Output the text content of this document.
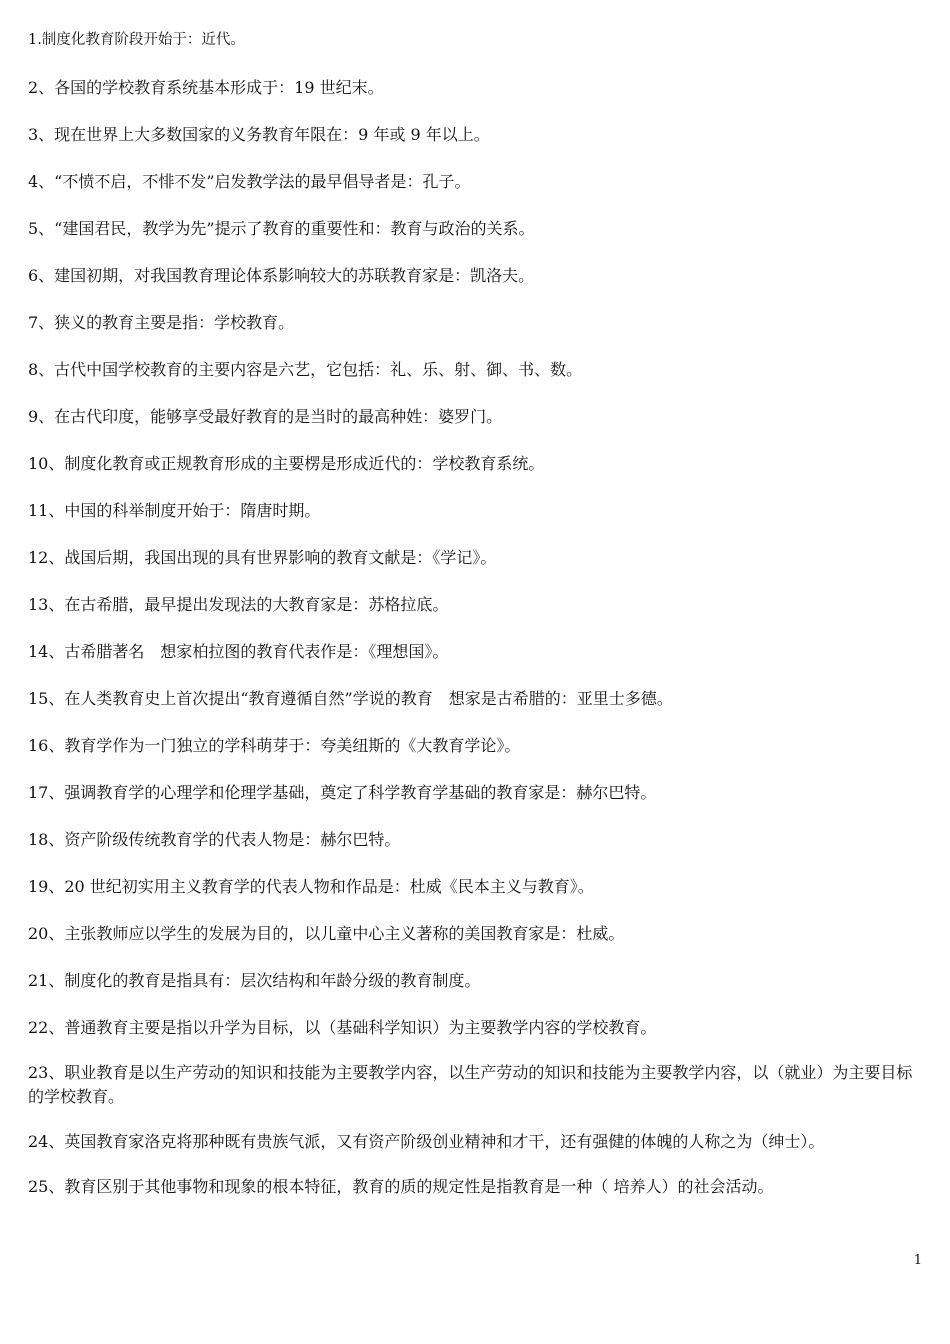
1.制度化教育阶段开始于：近代。

2、各国的学校教育系统基本形成于：19 世纪末。

3、现在世界上大多数国家的义务教育年限在：9 年或 9 年以上。

4、“不愤不启，不悱不发”启发教学法的最早倡导者是：孔子。

5、“建国君民，教学为先”提示了教育的重要性和：教育与政治的关系。

6、建国初期，对我国教育理论体系影响较大的苏联教育家是：凯洛夫。

7、狭义的教育主要是指：学校教育。

8、古代中国学校教育的主要内容是六艺，它包括：礼、乐、射、御、书、数。

9、在古代印度，能够享受最好教育的是当时的最高种姓：婆罗门。

10、制度化教育或正规教育形成的主要楞是形成近代的：学校教育系统。

11、中国的科举制度开始于：隋唐时期。

12、战国后期，我国出现的具有世界影响的教育文献是：《学记》。

13、在古希腊，最早提出发现法的大教育家是：苏格拉底。

14、古希腊著名　想家柏拉图的教育代表作是：《理想国》。

15、在人类教育史上首次提出“教育遵循自然”学说的教育　想家是古希腊的：亚里士多德。

16、教育学作为一门独立的学科萌芽于：夸美纽斯的《大教育学论》。

17、强调教育学的心理学和伦理学基础，奠定了科学教育学基础的教育家是：赫尔巴特。

18、资产阶级传统教育学的代表人物是：赫尔巴特。

19、20 世纪初实用主义教育学的代表人物和作品是：杜威《民本主义与教育》。

20、主张教师应以学生的发展为目的，以儿童中心主义著称的美国教育家是：杜威。

21、制度化的教育是指具有：层次结构和年龄分级的教育制度。

22、普通教育主要是指以升学为目标，以（基础科学知识）为主要教学内容的学校教育。

23、职业教育是以生产劳动的知识和技能为主要教学内容，以生产劳动的知识和技能为主要教学内容，以（就业）为主要目标的学校教育。

24、英国教育家洛克将那种既有贵族气派，又有资产阶级创业精神和才干，还有强健的体魄的人称之为（绅士）。

25、教育区别于其他事物和现象的根本特征，教育的质的规定性是指教育是一种（ 培养人）的社会活动。

1
